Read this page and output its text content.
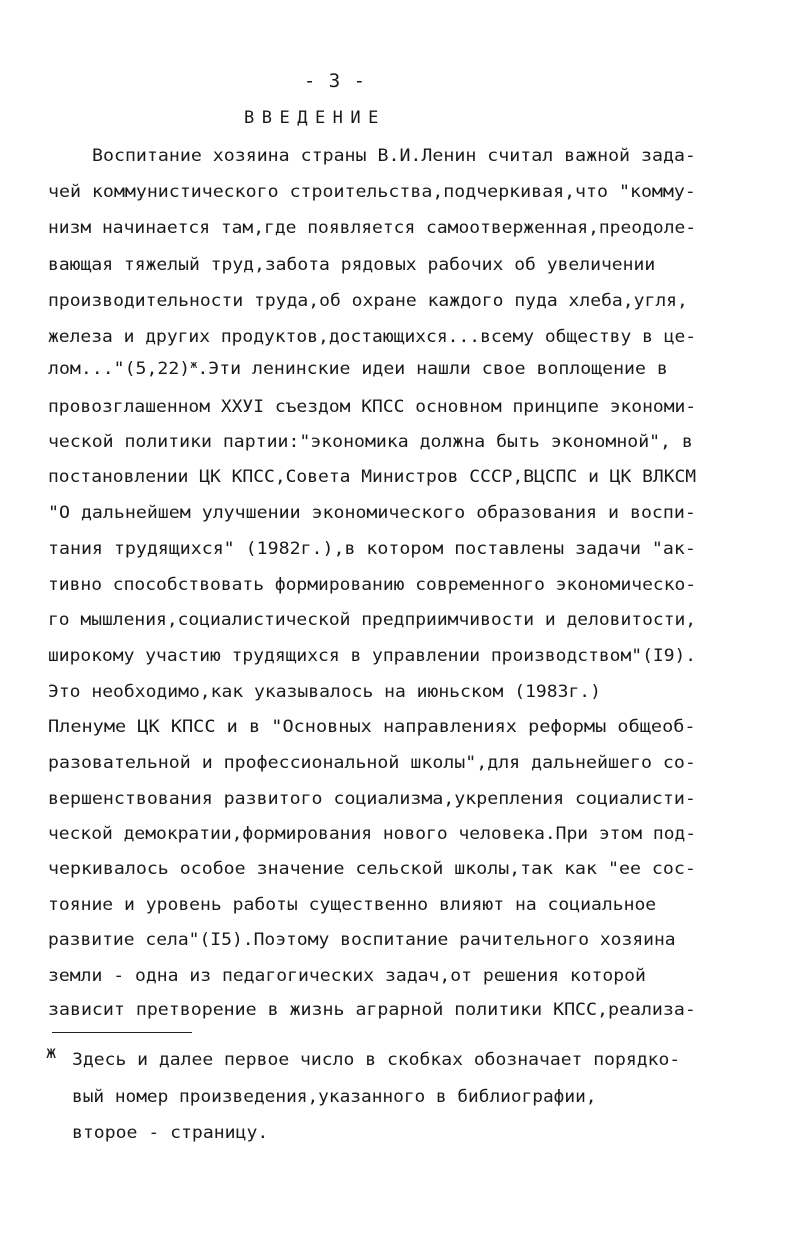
- 3 -
ВВЕДЕНИЕ
Воспитание хозяина страны В.И.Ленин считал важной зада-
чей коммунистического строительства,подчеркивая,что "комму-
низм начинается там,где появляется самоотверженная,преодоле-
вающая тяжелый труд,забота рядовых рабочих об увеличении
производительности труда,об охране каждого пуда хлеба,угля,
железа и других продуктов,достающихся...всему обществу в це-
$лом..."(5,22)^ж.Эти$ ленинские идеи нашли свое воплощение в
провозглашенном ХХУI съездом КПСС основном принципе экономи-
ческой политики партии:"экономика должна быть экономной", в
постановлении ЦК КПСС,Совета Министров СССР,ВЦСПС и ЦК ВЛКСМ
"О дальнейшем улучшении экономического образования и воспи-
тания трудящихся" (1982г.),в котором поставлены задачи "ак-
тивно способствовать формированию современного экономическо-
го мышления,социалистической предприимчивости и деловитости,
широкому участию трудящихся в управлении производством"(I9).
Это необходимо,как указывалось на июньском (1983г.)
Пленуме ЦК КПСС и в "Основных направлениях реформы общеоб-
разовательной и профессиональной школы",для дальнейшего со-
вершенствования развитого социализма,укрепления социалисти-
ческой демократии,формирования нового человека.При этом под-
черкивалось особое значение сельской школы,так как "ее сос-
тояние и уровень работы существенно влияют на социальное
развитие села"(I5).Поэтому воспитание рачительного хозяина
земли - одна из педагогических задач,от решения которой
зависит претворение в жизнь аграрной политики КПСС,реализа-
ж Здесь и далее первое число в скобках обозначает порядко-
вый номер произведения,указанного в библиографии,
второе - страницу.
